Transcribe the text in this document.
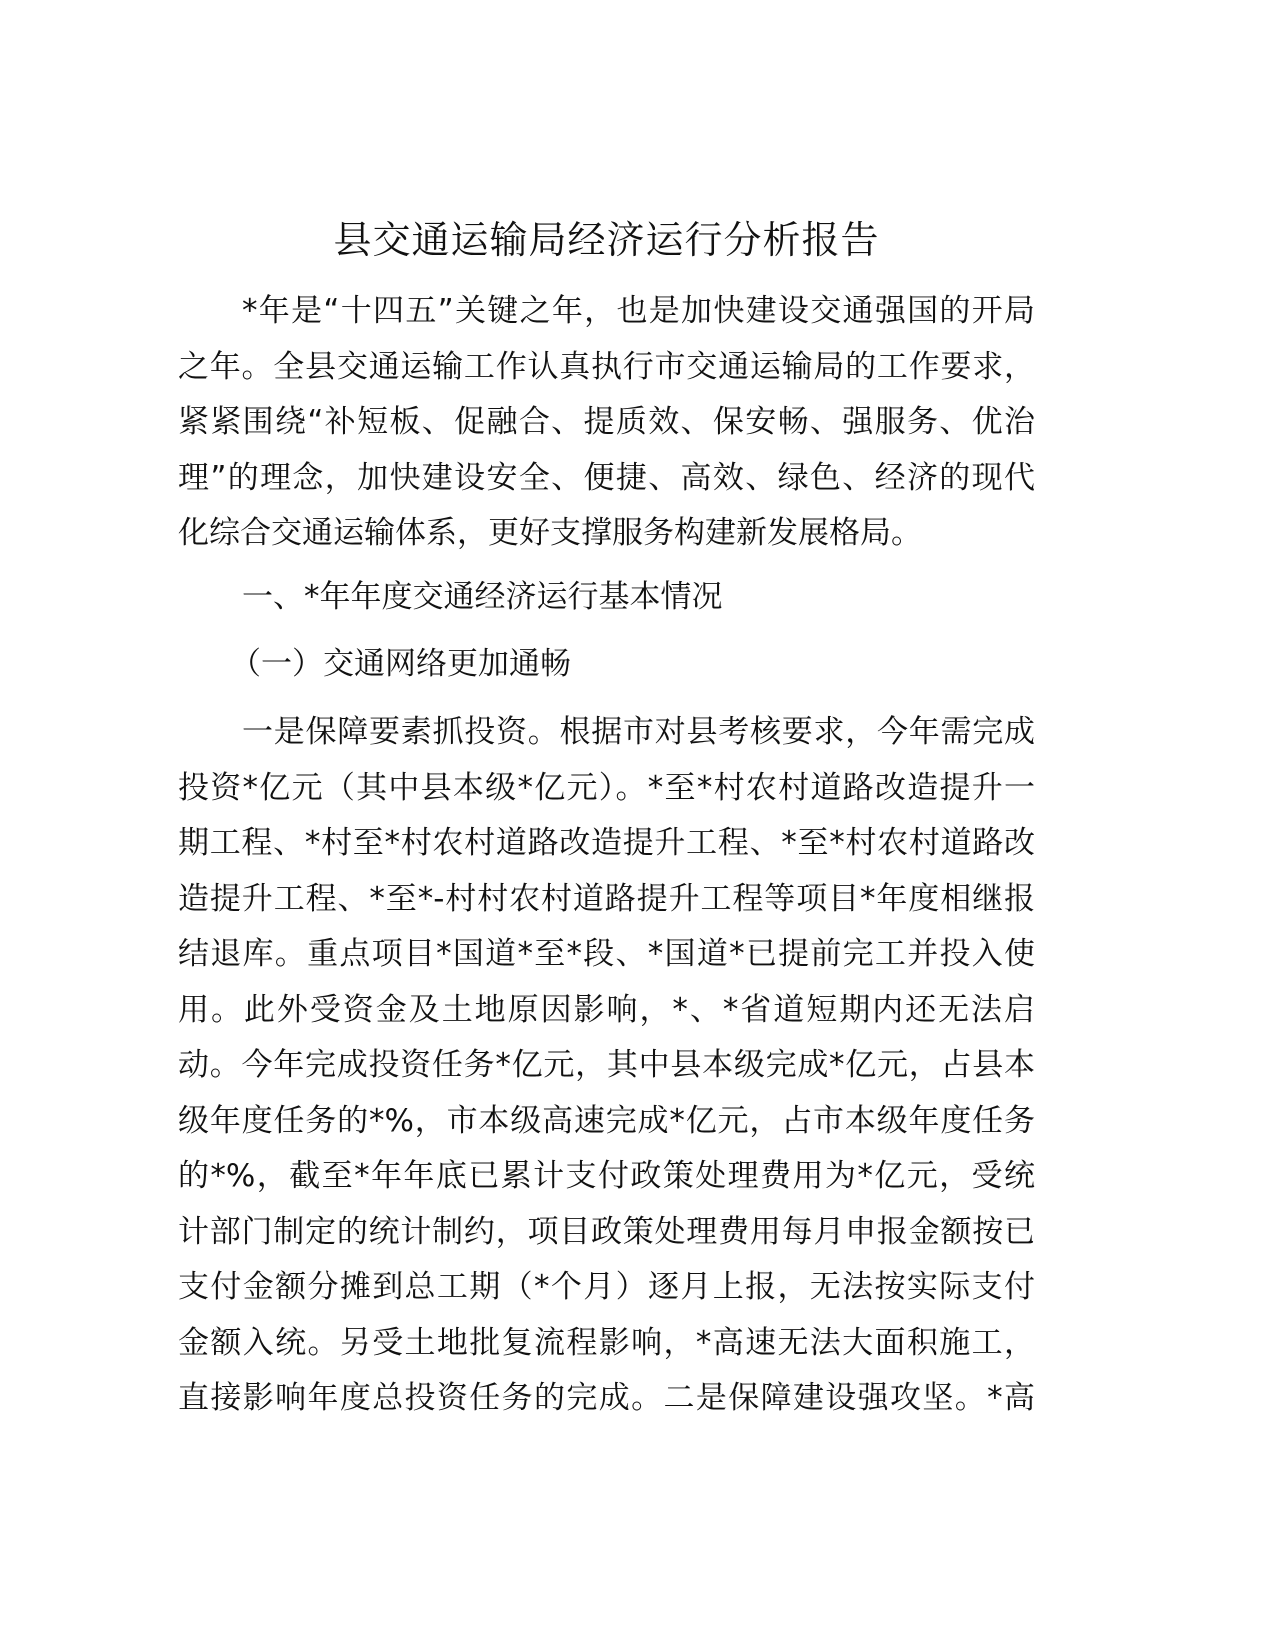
县交通运输局经济运行分析报告
*年是“十四五”关键之年，也是加快建设交通强国的开局
之年。全县交通运输工作认真执行市交通运输局的工作要求，
紧紧围绕“补短板、促融合、提质效、保安畅、强服务、优治
理”的理念，加快建设安全、便捷、高效、绿色、经济的现代
化综合交通运输体系，更好支撑服务构建新发展格局。
一、*年年度交通经济运行基本情况
（一）交通网络更加通畅
一是保障要素抓投资。根据市对县考核要求，今年需完成
投资*亿元（其中县本级*亿元）。*至*村农村道路改造提升一
期工程、*村至*村农村道路改造提升工程、*至*村农村道路改
造提升工程、*至*-村村农村道路提升工程等项目*年度相继报
结退库。重点项目*国道*至*段、*国道*已提前完工并投入使
用。此外受资金及土地原因影响，*、*省道短期内还无法启
动。今年完成投资任务*亿元，其中县本级完成*亿元，占县本
级年度任务的*%，市本级高速完成*亿元，占市本级年度任务
的*%，截至*年年底已累计支付政策处理费用为*亿元，受统
计部门制定的统计制约，项目政策处理费用每月申报金额按已
支付金额分摊到总工期（*个月）逐月上报，无法按实际支付
金额入统。另受土地批复流程影响，*高速无法大面积施工，
直接影响年度总投资任务的完成。二是保障建设强攻坚。*高
